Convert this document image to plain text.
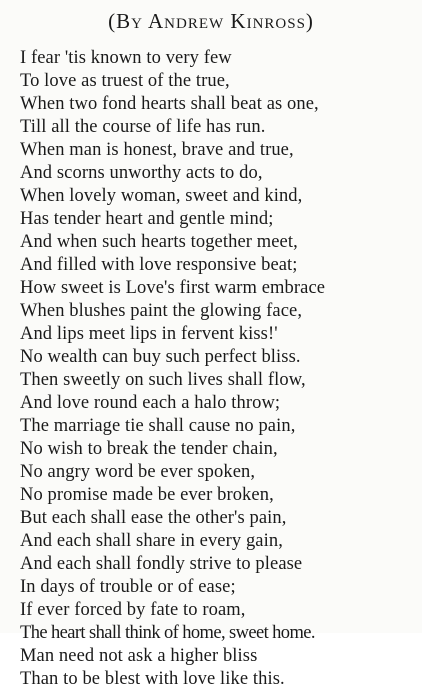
(By Andrew Kinross)
I fear 'tis known to very few
To love as truest of the true,
When two fond hearts shall beat as one,
Till all the course of life has run.
When man is honest, brave and true,
And scorns unworthy acts to do,
When lovely woman, sweet and kind,
Has tender heart and gentle mind;
And when such hearts together meet,
And filled with love responsive beat;
How sweet is Love's first warm embrace
When blushes paint the glowing face,
And lips meet lips in fervent kiss!'
No wealth can buy such perfect bliss.
Then sweetly on such lives shall flow,
And love round each a halo throw;
The marriage tie shall cause no pain,
No wish to break the tender chain,
No angry word be ever spoken,
No promise made be ever broken,
But each shall ease the other's pain,
And each shall share in every gain,
And each shall fondly strive to please
In days of trouble or of ease;
If ever forced by fate to roam,
The heart shall think of home, sweet home.
Man need not ask a higher bliss
Than to be blest with love like this.
